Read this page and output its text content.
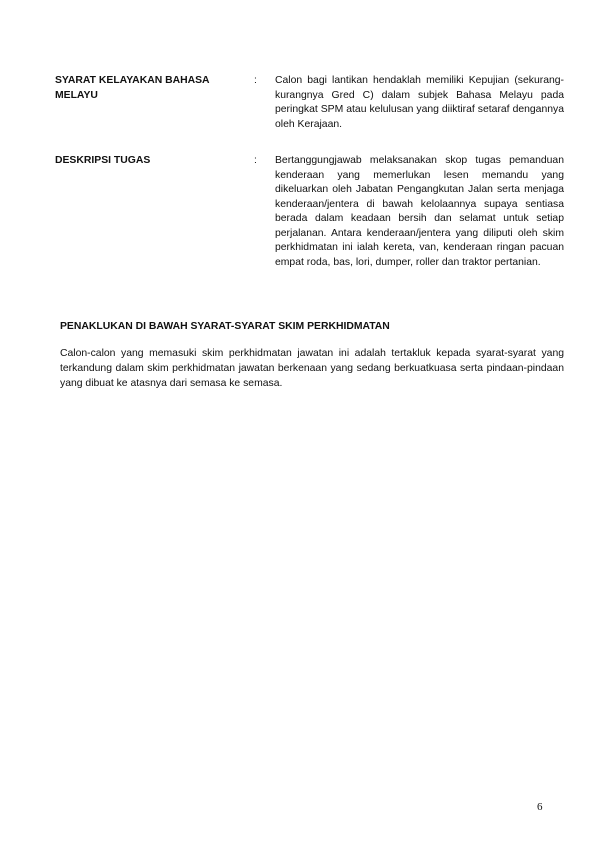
SYARAT KELAYAKAN BAHASA MELAYU
: Calon bagi lantikan hendaklah memiliki Kepujian (sekurang-kurangnya Gred C) dalam subjek Bahasa Melayu pada peringkat SPM atau kelulusan yang diiktiraf setaraf dengannya oleh Kerajaan.
DESKRIPSI TUGAS	: Bertanggungjawab melaksanakan skop tugas pemanduan kenderaan yang memerlukan lesen memandu yang dikeluarkan oleh Jabatan Pengangkutan Jalan serta menjaga kenderaan/jentera di bawah kelolaannya supaya sentiasa berada dalam keadaan bersih dan selamat untuk setiap perjalanan. Antara kenderaan/jentera yang diliputi oleh skim perkhidmatan ini ialah kereta, van, kenderaan ringan pacuan empat roda, bas, lori, dumper, roller dan traktor pertanian.
PENAKLUKAN DI BAWAH SYARAT-SYARAT SKIM PERKHIDMATAN
Calon-calon yang memasuki skim perkhidmatan jawatan ini adalah tertakluk kepada syarat-syarat yang terkandung dalam skim perkhidmatan jawatan berkenaan yang sedang berkuatkuasa serta pindaan-pindaan yang dibuat ke atasnya dari semasa ke semasa.
6
